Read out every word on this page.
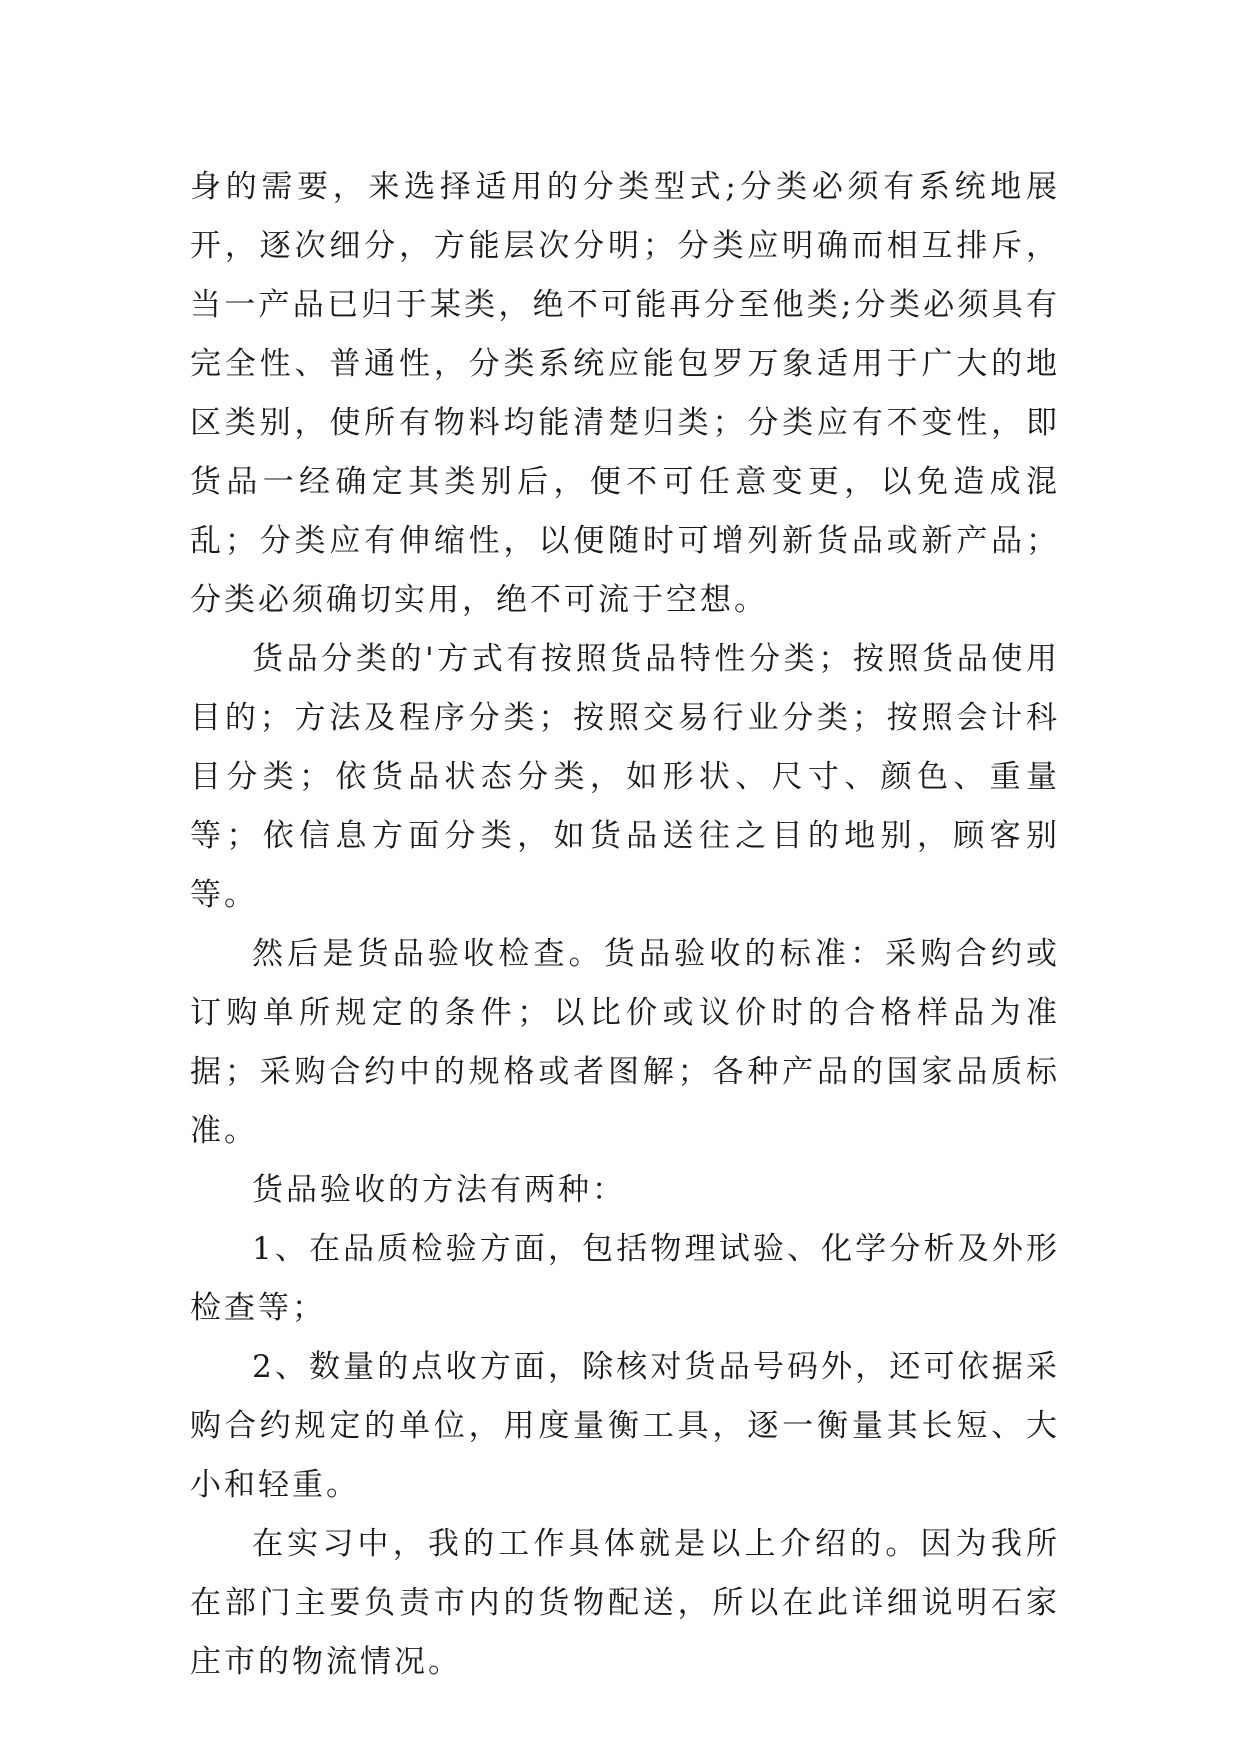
身的需要，来选择适用的分类型式;分类必须有系统地展开，逐次细分，方能层次分明；分类应明确而相互排斥，当一产品已归于某类，绝不可能再分至他类;分类必须具有完全性、普通性，分类系统应能包罗万象适用于广大的地区类别，使所有物料均能清楚归类；分类应有不变性，即货品一经确定其类别后，便不可任意变更，以免造成混乱；分类应有伸缩性，以便随时可增列新货品或新产品；分类必须确切实用，绝不可流于空想。

货品分类的'方式有按照货品特性分类；按照货品使用目的；方法及程序分类；按照交易行业分类；按照会计科目分类；依货品状态分类，如形状、尺寸、颜色、重量等；依信息方面分类，如货品送往之目的地别，顾客别等。

然后是货品验收检查。货品验收的标准：采购合约或订购单所规定的条件；以比价或议价时的合格样品为准据；采购合约中的规格或者图解；各种产品的国家品质标准。

货品验收的方法有两种：

1、在品质检验方面，包括物理试验、化学分析及外形检查等；

2、数量的点收方面，除核对货品号码外，还可依据采购合约规定的单位，用度量衡工具，逐一衡量其长短、大小和轻重。

在实习中，我的工作具体就是以上介绍的。因为我所在部门主要负责市内的货物配送，所以在此详细说明石家庄市的物流情况。
